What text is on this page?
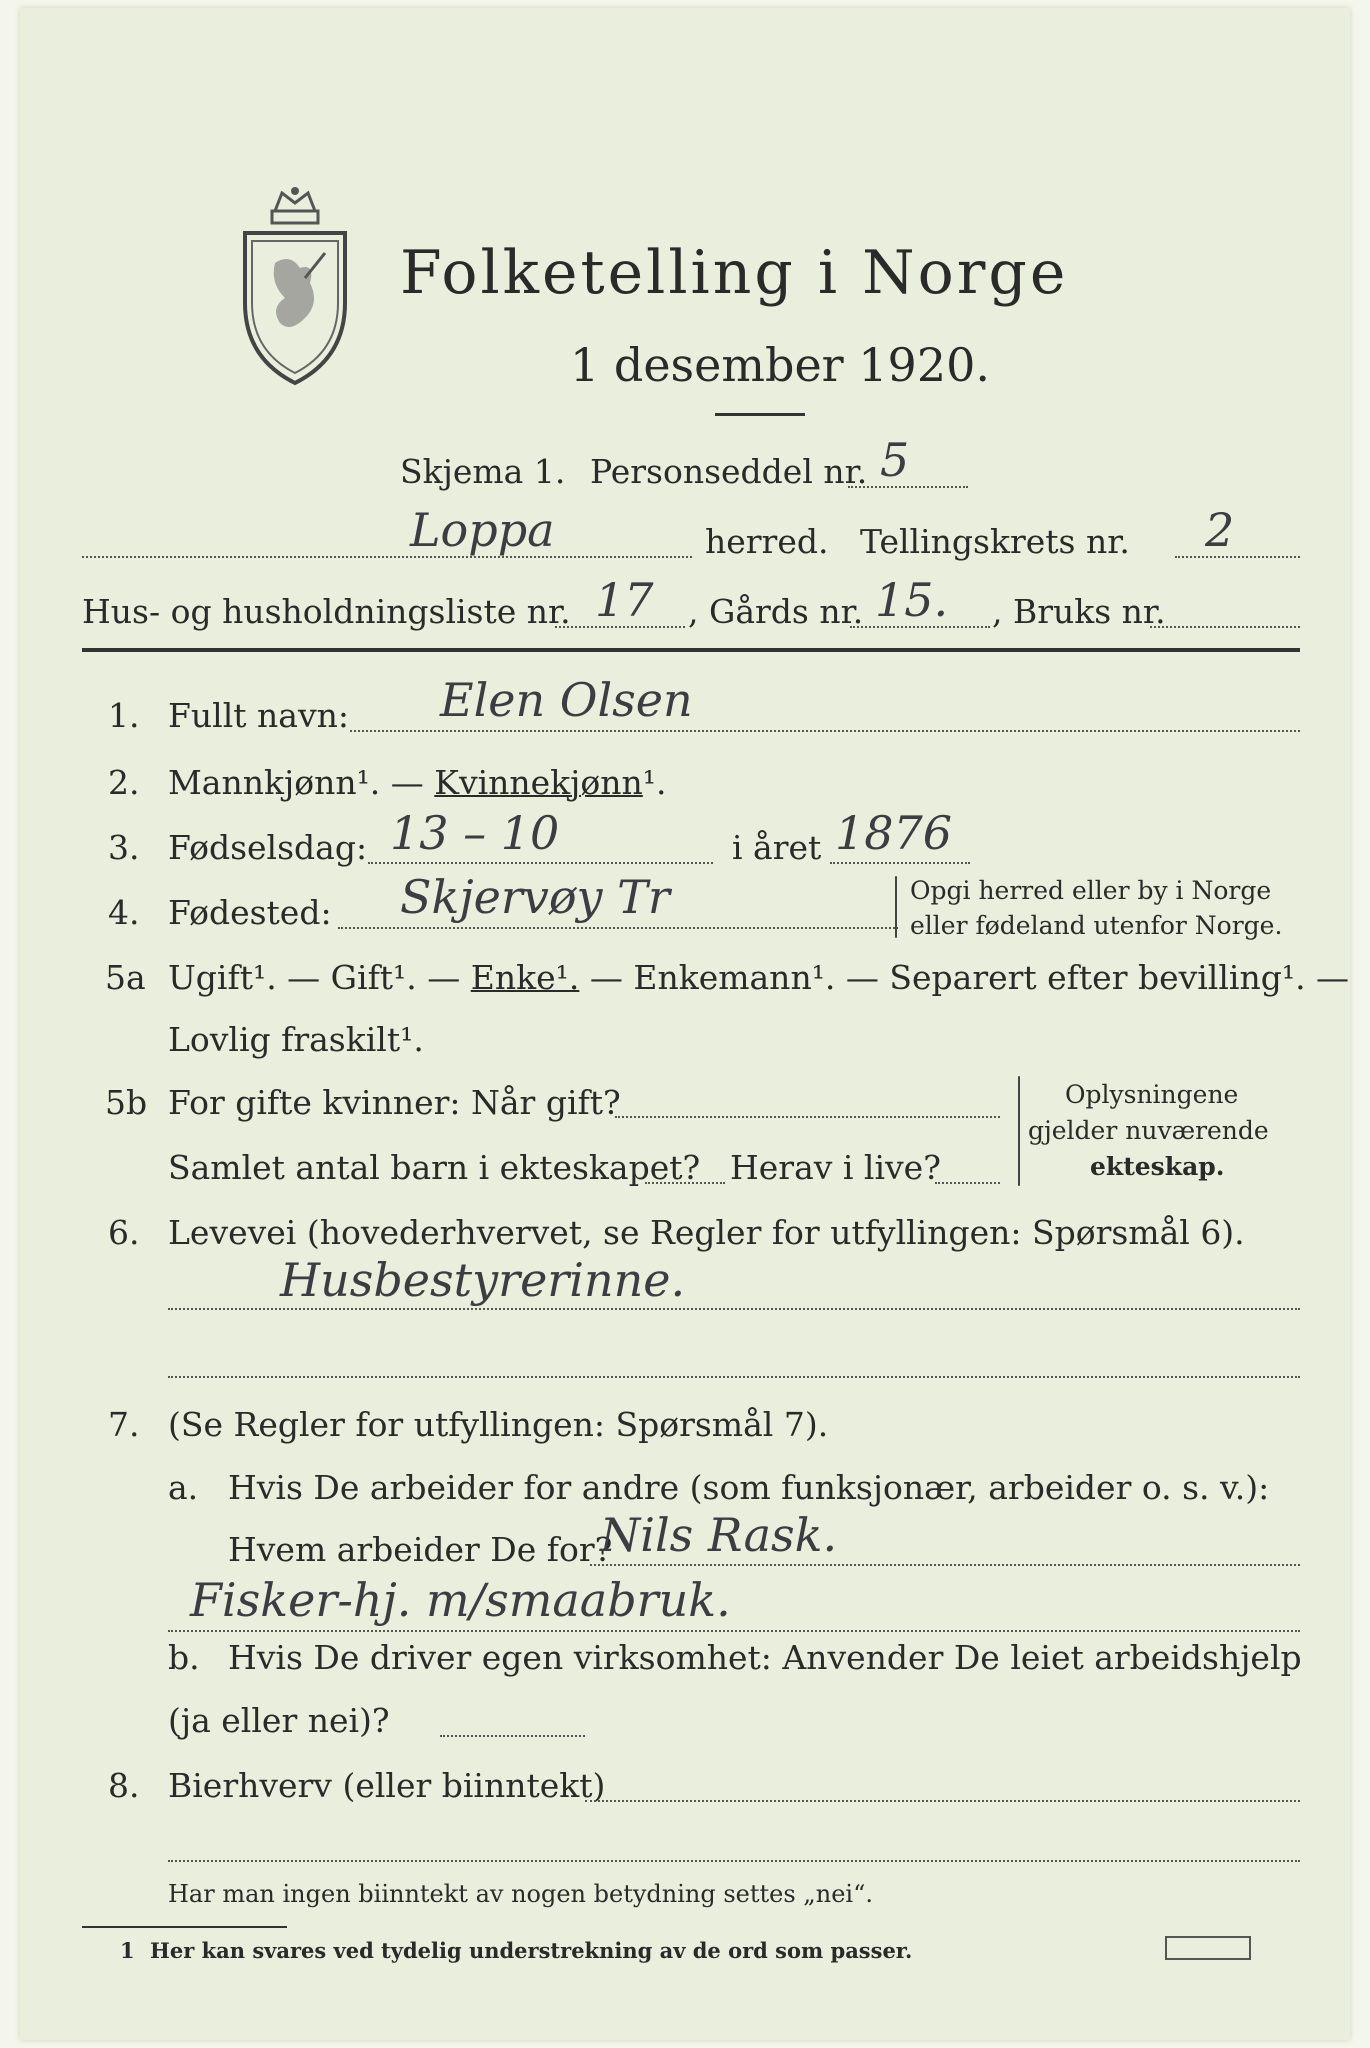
Folketelling i Norge
1 desember 1920.
Skjema 1. Personseddel nr. 5
Loppa	herred. Tellingskrets nr. 2
Hus- og husholdningsliste nr. 17 , Gårds nr. 15. , Bruks nr.
1. Fullt navn: Elen Olsen
2. Mannkjønn¹. — Kvinnekjønn¹.
3. Fødselsdag: 13 – 10	i året 1876
4. Fødested: Skjervøy Tr	Opgi herred eller by i Norge
eller fødeland utenfor Norge.
5a Ugift¹. — Gift¹. — Enke¹. — Enkemann¹. — Separert efter bevilling¹. —
Lovlig fraskilt¹.
5b For gifte kvinner: Når gift?
Samlet antal barn i ekteskapet? Herav i live?
Oplysningene
gjelder nuværende
ekteskap.
6. Levevei (hovederhvervet, se Regler for utfyllingen: Spørsmål 6).
Husbestyrerinne.
7. (Se Regler for utfyllingen: Spørsmål 7).
a. Hvis De arbeider for andre (som funksjonær, arbeider o. s. v.):
Hvem arbeider De for?
Nils Rask.
Fisker-hj. m/smaabruk.
b. Hvis De driver egen virksomhet: Anvender De leiet arbeidshjelp
(ja eller nei)?
8. Bierhverv (eller biinntekt)
Har man ingen biinntekt av nogen betydning settes „nei“.
1 Her kan svares ved tydelig understrekning av de ord som passer.
